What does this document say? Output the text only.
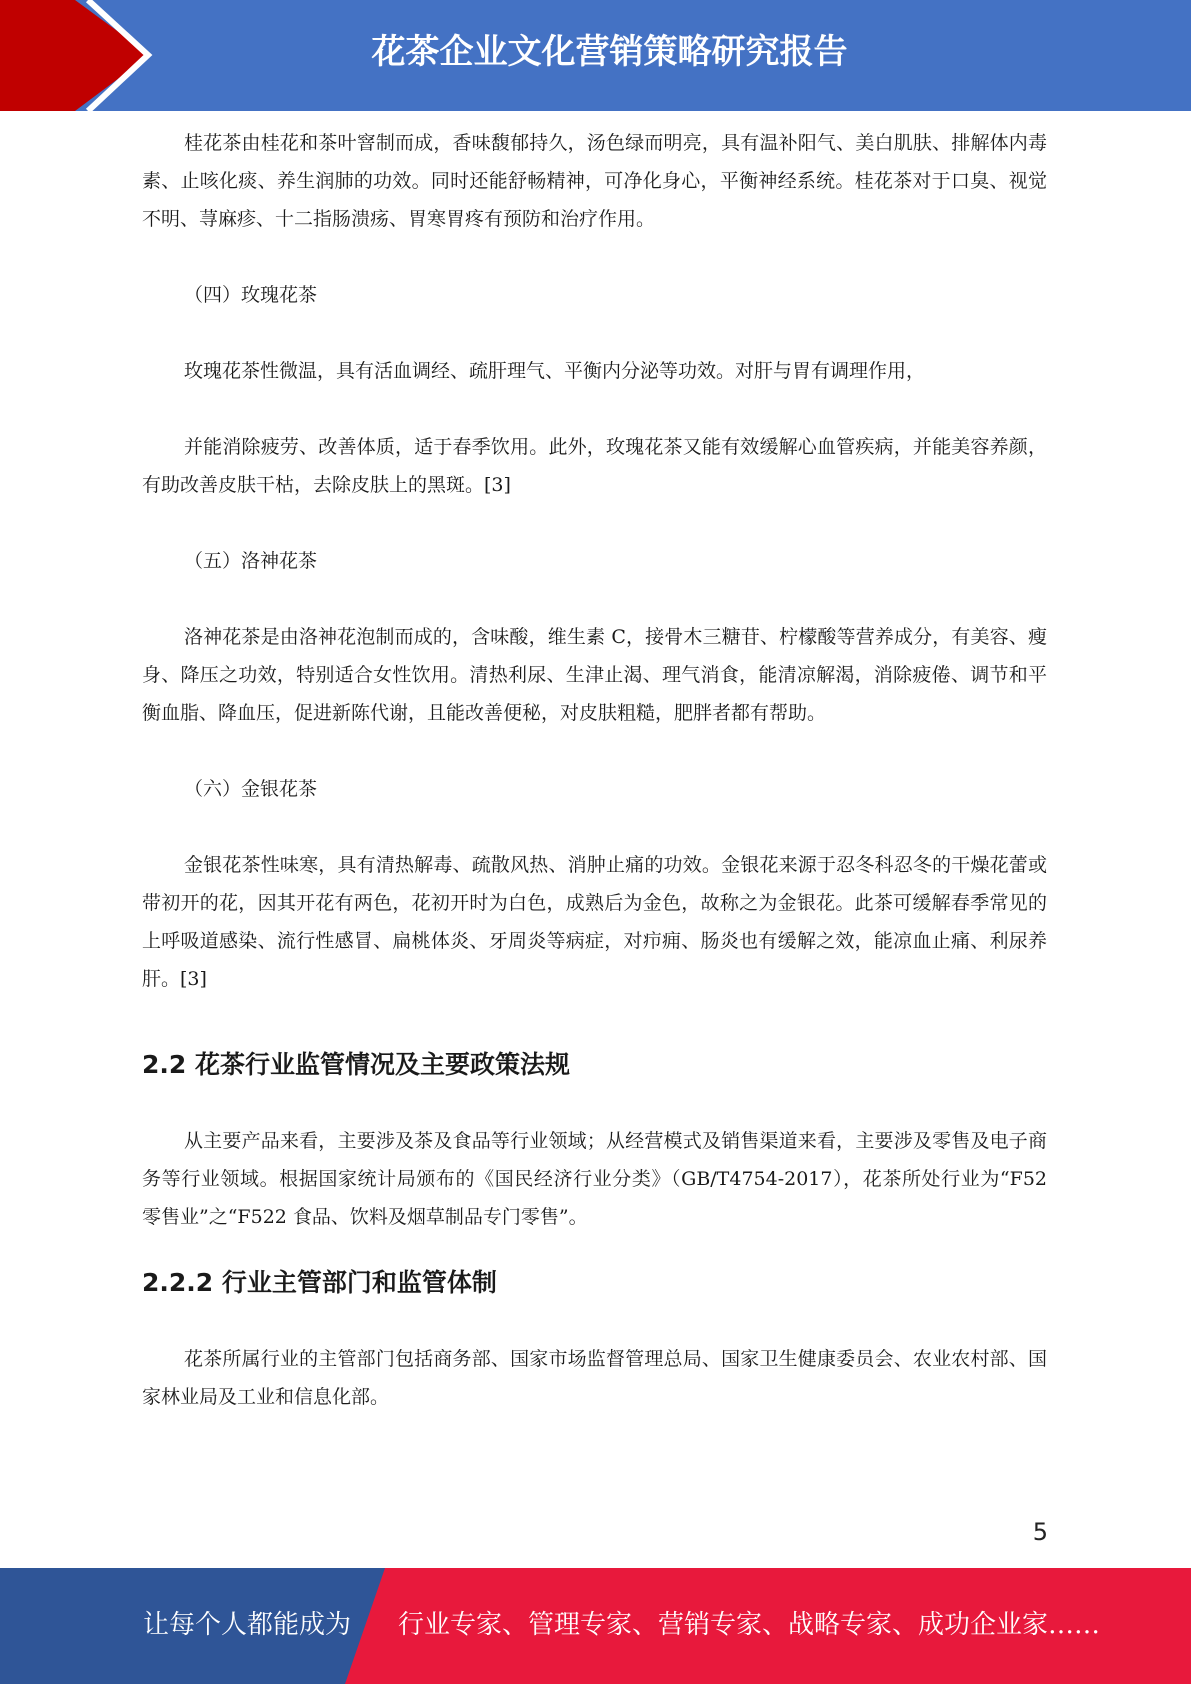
花茶企业文化营销策略研究报告

桂花茶由桂花和茶叶窨制而成，香味馥郁持久，汤色绿而明亮，具有温补阳气、美白肌肤、排解体内毒素、止咳化痰、养生润肺的功效。同时还能舒畅精神，可净化身心，平衡神经系统。桂花茶对于口臭、视觉不明、荨麻疹、十二指肠溃疡、胃寒胃疼有预防和治疗作用。

（四）玫瑰花茶

玫瑰花茶性微温，具有活血调经、疏肝理气、平衡内分泌等功效。对肝与胃有调理作用，

并能消除疲劳、改善体质，适于春季饮用。此外，玫瑰花茶又能有效缓解心血管疾病，并能美容养颜，有助改善皮肤干枯，去除皮肤上的黑斑。[3]

（五）洛神花茶

洛神花茶是由洛神花泡制而成的，含味酸，维生素 C，接骨木三糖苷、柠檬酸等营养成分，有美容、瘦身、降压之功效，特别适合女性饮用。清热利尿、生津止渴、理气消食，能清凉解渴，消除疲倦、调节和平衡血脂、降血压，促进新陈代谢，且能改善便秘，对皮肤粗糙，肥胖者都有帮助。

（六）金银花茶

金银花茶性味寒，具有清热解毒、疏散风热、消肿止痛的功效。金银花来源于忍冬科忍冬的干燥花蕾或带初开的花，因其开花有两色，花初开时为白色，成熟后为金色，故称之为金银花。此茶可缓解春季常见的上呼吸道感染、流行性感冒、扁桃体炎、牙周炎等病症，对疖痈、肠炎也有缓解之效，能凉血止痛、利尿养肝。[3]

2.2 花茶行业监管情况及主要政策法规

从主要产品来看，主要涉及茶及食品等行业领域；从经营模式及销售渠道来看，主要涉及零售及电子商务等行业领域。根据国家统计局颁布的《国民经济行业分类》（GB/T4754-2017），花茶所处行业为“F52 零售业”之“F522 食品、饮料及烟草制品专门零售”。

2.2.2 行业主管部门和监管体制

花茶所属行业的主管部门包括商务部、国家市场监督管理总局、国家卫生健康委员会、农业农村部、国家林业局及工业和信息化部。

5
让每个人都能成为 行业专家、管理专家、营销专家、战略专家、成功企业家……
